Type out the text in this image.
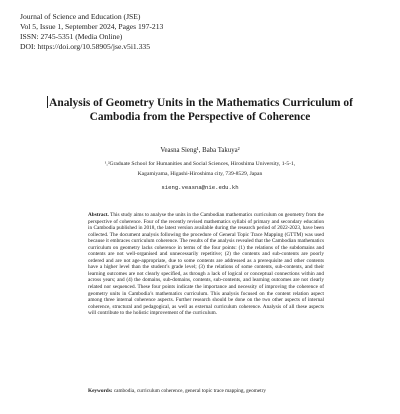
Journal of Science and Education (JSE)
Vol 5, Issue 1, September 2024, Pages 197-213
ISSN: 2745-5351 (Media Online)
DOI: https://doi.org/10.58905/jse.v5i1.335
Analysis of Geometry Units in the Mathematics Curriculum of Cambodia from the Perspective of Coherence
Veasna Sieng¹, Baba Takuya²
¹,²Graduate School for Humanities and Social Sciences, Hiroshima University, 1-5-1,
Kagamiyama, Higashi-Hiroshima city, 739-8529, Japan
sieng.veasna@nie.edu.kh
Abstract. This study aims to analyse the units in the Cambodian mathematics curriculum on geometry from the perspective of coherence. Four of the recently revised mathematics syllabi of primary and secondary education in Cambodia published in 2018, the latest version available during the research period of 2022-2023, have been collected. The document analysis following the procedure of General Topic Trace Mapping (GTTM) was used because it embraces curriculum coherence. The results of the analysis revealed that the Cambodian mathematics curriculum on geometry lacks coherence in terms of the four points: (1) the relations of the subdomains and contents are not well-organised and unnecessarily repetitive; (2) the contents and sub-contents are poorly ordered and are not age-appropriate, due to some contents are addressed as a prerequisite and other contents have a higher level than the student’s grade level; (3) the relations of some contents, sub-contents, and their learning outcomes are not clearly specified, as through a lack of logical or conceptual connections within and across years; and (4) the domains, sub-domains, contents, sub-contents, and learning outcomes are not clearly related nor sequenced. These four points indicate the importance and necessity of improving the coherence of geometry units in Cambodia’s mathematics curriculum. This analysis focused on the content relation aspect among three internal coherence aspects. Further research should be done on the two other aspects of internal coherence, structural and pedagogical, as well as external curriculum coherence. Analysis of all these aspects will contribute to the holistic improvement of the curriculum.
Keywords: cambodia, curriculum coherence, general topic trace mapping, geometry
